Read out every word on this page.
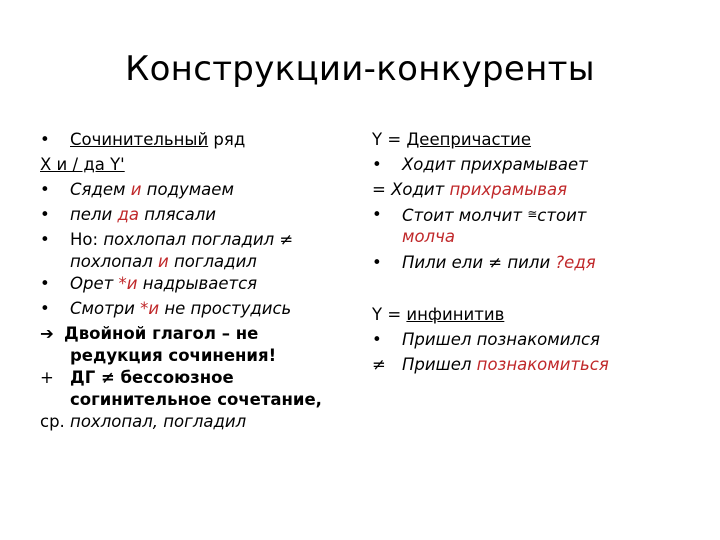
Конструкции-конкуренты
•	Сочинительный ряд
X и / да Y'
•	Сядем и подумаем
•	пели да плясали
•	Но: похлопал погладил ≠
похлопал и погладил
•	Орет *и надрывается
•	Смотри *и не простудись
➔ Двойной глагол – не
редукция сочинения!
+ ДГ ≠ бессоюзное
согинительное сочетание,
ср. похлопал, погладил
Y = Деепричастие
•	Ходит прихрамывает
= Ходит прихрамывая
•	Стоит молчит ≅стоит
молча
•	Пили ели ≠ пили ?едя
Y = инфинитив
•	Пришел познакомился
≠ Пришел познакомиться
